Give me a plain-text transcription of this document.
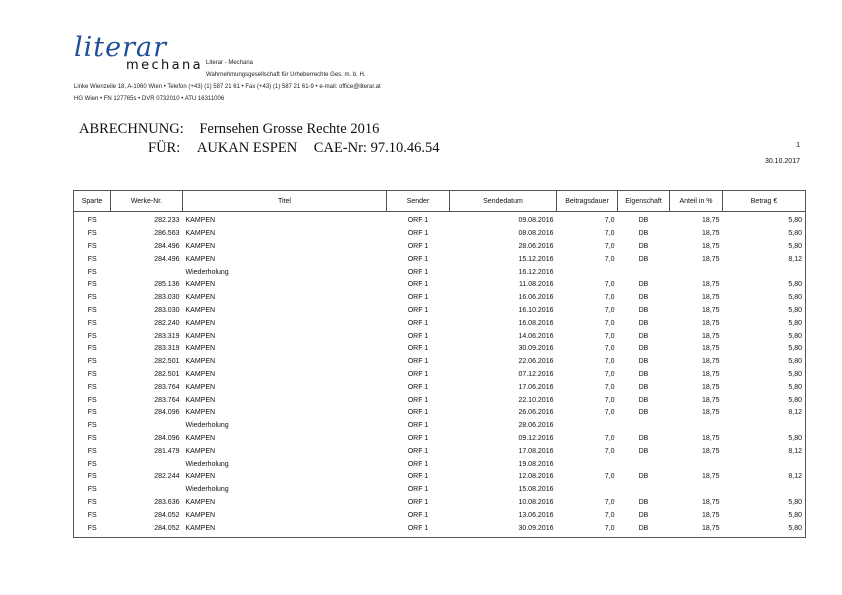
literar
mechana Literar - Mechana
Wahrnehmungsgesellschaft für Urheberrechte Ges. m. b. H.
Linke Wienzeile 18, A-1060 Wien • Telefon (+43) (1) 587 21 61 • Fax (+43) (1) 587 21 61-9 • e-mail: office@literar.at
HG Wien • FN 127765s • DVR 0732010 • ATU 16311006
ABRECHNUNG: Fernsehen Grosse Rechte 2016
FÜR: AUKAN ESPEN CAE-Nr: 97.10.46.54	1
30.10.2017
Sparte	Werke-Nr.	Titel	Sender	Sendedatum	Beitragsdauer	Eigenschaft	Anteil in %	Betrag €
FS	282.233	KAMPEN	ORF 1	09.08.2016	7,0	DB	18,75	5,80
FS	286.563	KAMPEN	ORF 1	08.08.2016	7,0	DB	18,75	5,80
FS	284.496	KAMPEN	ORF 1	28.06.2016	7,0	DB	18,75	5,80
FS	284.496	KAMPEN	ORF 1	15.12.2016	7,0	DB	18,75	8,12
FS		Wiederholung	ORF 1	16.12.2016				
FS	285.136	KAMPEN	ORF 1	11.08.2016	7,0	DB	18,75	5,80
FS	283.030	KAMPEN	ORF 1	16.06.2016	7,0	DB	18,75	5,80
FS	283.030	KAMPEN	ORF 1	16.10.2016	7,0	DB	18,75	5,80
FS	282.240	KAMPEN	ORF 1	16.08.2016	7,0	DB	18,75	5,80
FS	283.319	KAMPEN	ORF 1	14.06.2016	7,0	DB	18,75	5,80
FS	283.319	KAMPEN	ORF 1	30.09.2016	7,0	DB	18,75	5,80
FS	282.501	KAMPEN	ORF 1	22.06.2016	7,0	DB	18,75	5,80
FS	282.501	KAMPEN	ORF 1	07.12.2016	7,0	DB	18,75	5,80
FS	283.764	KAMPEN	ORF 1	17.06.2016	7,0	DB	18,75	5,80
FS	283.764	KAMPEN	ORF 1	22.10.2016	7,0	DB	18,75	5,80
FS	284.096	KAMPEN	ORF 1	26.06.2016	7,0	DB	18,75	8,12
FS		Wiederholung	ORF 1	28.06.2016				
FS	284.096	KAMPEN	ORF 1	09.12.2016	7,0	DB	18,75	5,80
FS	281.479	KAMPEN	ORF 1	17.08.2016	7,0	DB	18,75	8,12
FS		Wiederholung	ORF 1	19.08.2016				
FS	282.244	KAMPEN	ORF 1	12.08.2016	7,0	DB	18,75	8,12
FS		Wiederholung	ORF 1	15.08.2016				
FS	283.636	KAMPEN	ORF 1	10.08.2016	7,0	DB	18,75	5,80
FS	284.052	KAMPEN	ORF 1	13.06.2016	7,0	DB	18,75	5,80
FS	284.052	KAMPEN	ORF 1	30.09.2016	7,0	DB	18,75	5,80
